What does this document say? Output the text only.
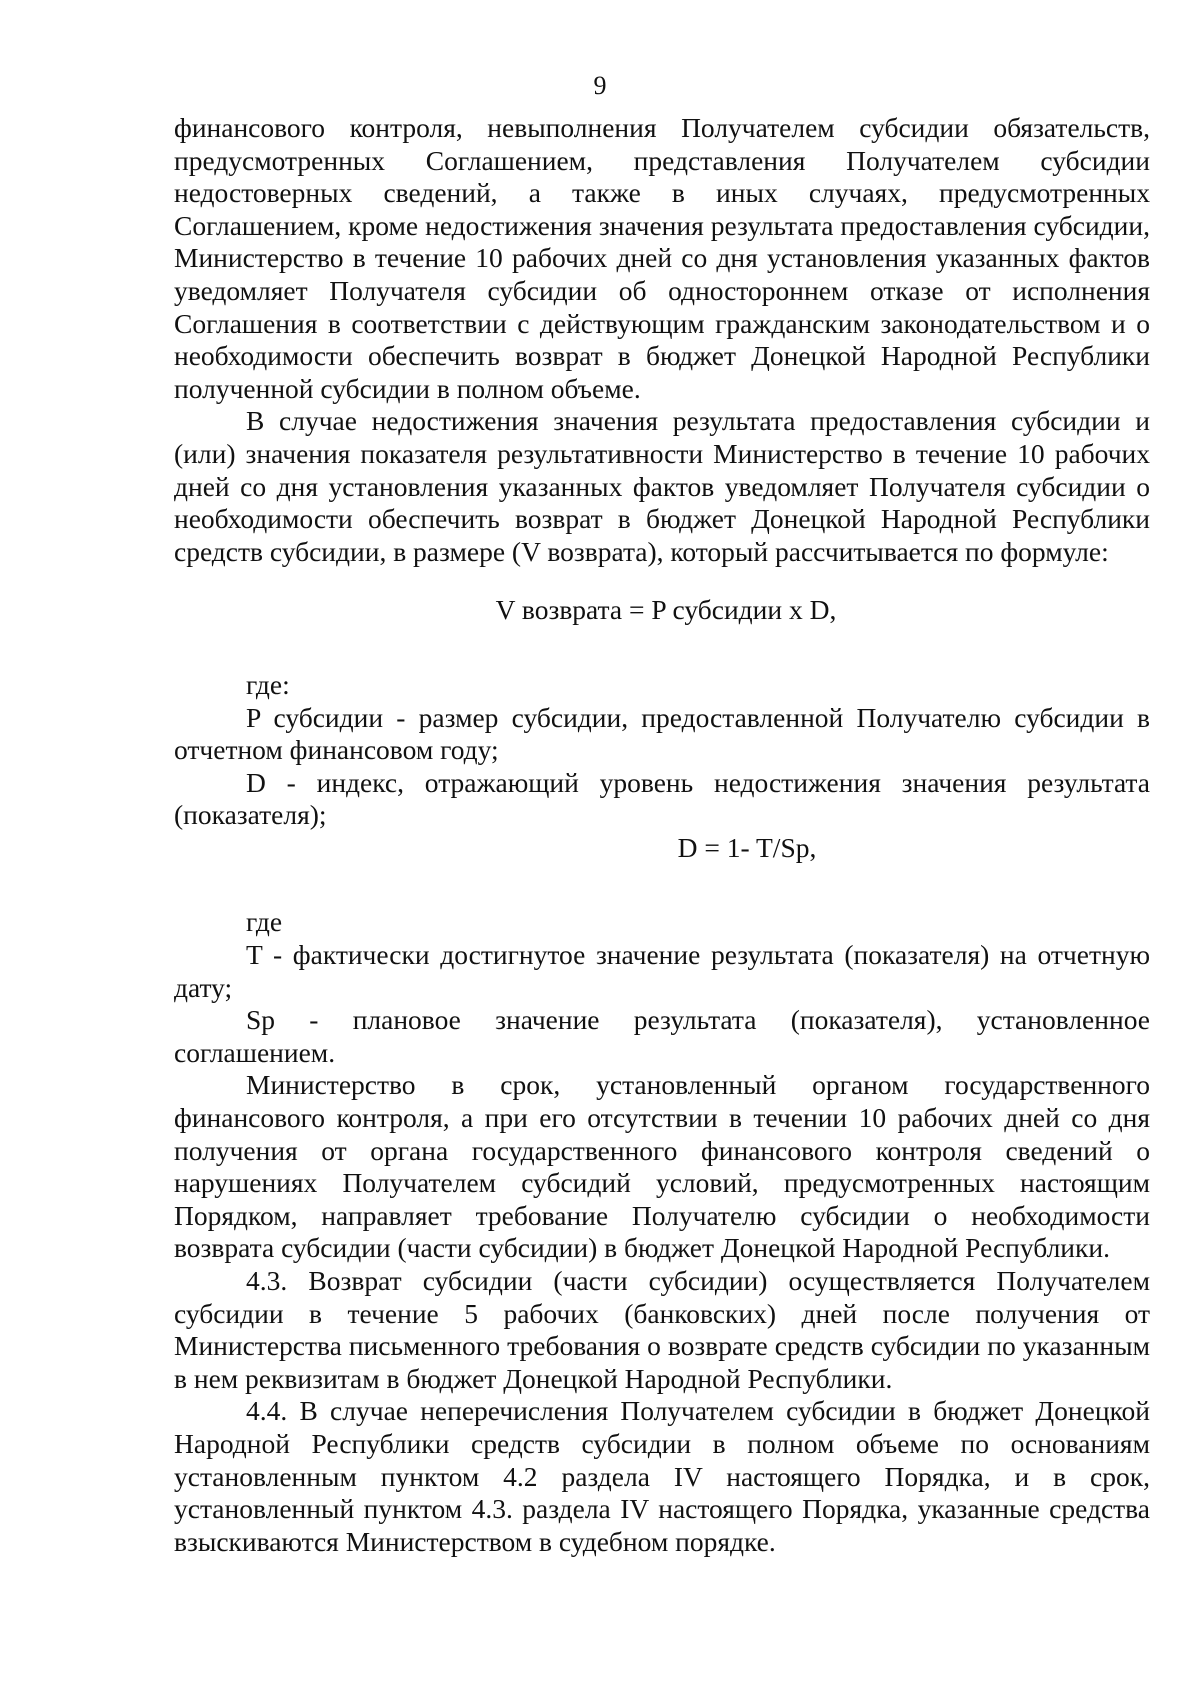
9

финансового контроля, невыполнения Получателем субсидии обязательств, предусмотренных Соглашением, представления Получателем субсидии недостоверных сведений, а также в иных случаях, предусмотренных Соглашением, кроме недостижения значения результата предоставления субсидии, Министерство в течение 10 рабочих дней со дня установления указанных фактов уведомляет Получателя субсидии об одностороннем отказе от исполнения Соглашения в соответствии с действующим гражданским законодательством и о необходимости обеспечить возврат в бюджет Донецкой Народной Республики полученной субсидии в полном объеме.

В случае недостижения значения результата предоставления субсидии и (или) значения показателя результативности Министерство в течение 10 рабочих дней со дня установления указанных фактов уведомляет Получателя субсидии о необходимости обеспечить возврат в бюджет Донецкой Народной Республики средств субсидии, в размере (V возврата), который рассчитывается по формуле:

V возврата = P субсидии x D,

где:

P субсидии - размер субсидии, предоставленной Получателю субсидии в отчетном финансовом году;

D - индекс, отражающий уровень недостижения значения результата (показателя);

D = 1- T/Sp,

где

T - фактически достигнутое значение результата (показателя) на отчетную дату;

Sp - плановое значение результата (показателя), установленное соглашением.

Министерство в срок, установленный органом государственного финансового контроля, а при его отсутствии в течении 10 рабочих дней со дня получения от органа государственного финансового контроля сведений о нарушениях Получателем субсидий условий, предусмотренных настоящим Порядком, направляет требование Получателю субсидии о необходимости возврата субсидии (части субсидии) в бюджет Донецкой Народной Республики.

4.3. Возврат субсидии (части субсидии) осуществляется Получателем субсидии в течение 5 рабочих (банковских) дней после получения от Министерства письменного требования о возврате средств субсидии по указанным в нем реквизитам в бюджет Донецкой Народной Республики.

4.4. В случае неперечисления Получателем субсидии в бюджет Донецкой Народной Республики средств субсидии в полном объеме по основаниям установленным пунктом 4.2 раздела IV настоящего Порядка, и в срок, установленный пунктом 4.3. раздела IV настоящего Порядка, указанные средства взыскиваются Министерством в судебном порядке.
